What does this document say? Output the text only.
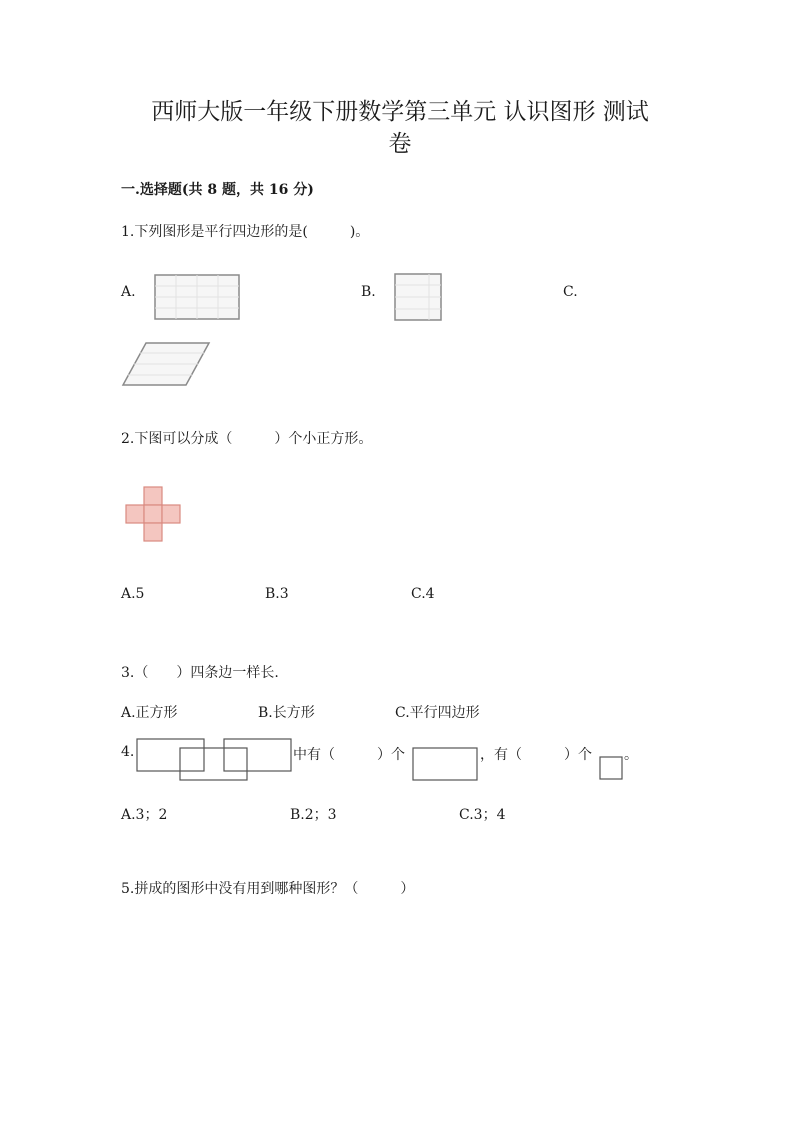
西师大版一年级下册数学第三单元 认识图形 测试
卷
一.选择题(共 8 题，共 16 分)
1.下列图形是平行四边形的是(　　　)。
A.	B.	C.
2.下图可以分成（　　　）个小正方形。
A.5	B.3	C.4
3.（　　）四条边一样长.
A.正方形	B.长方形	C.平行四边形
4.	中有（　　　）个	，有（　　　）个 。
A.3；2	B.2；3	C.3；4
5.拼成的图形中没有用到哪种图形？（　　　）
